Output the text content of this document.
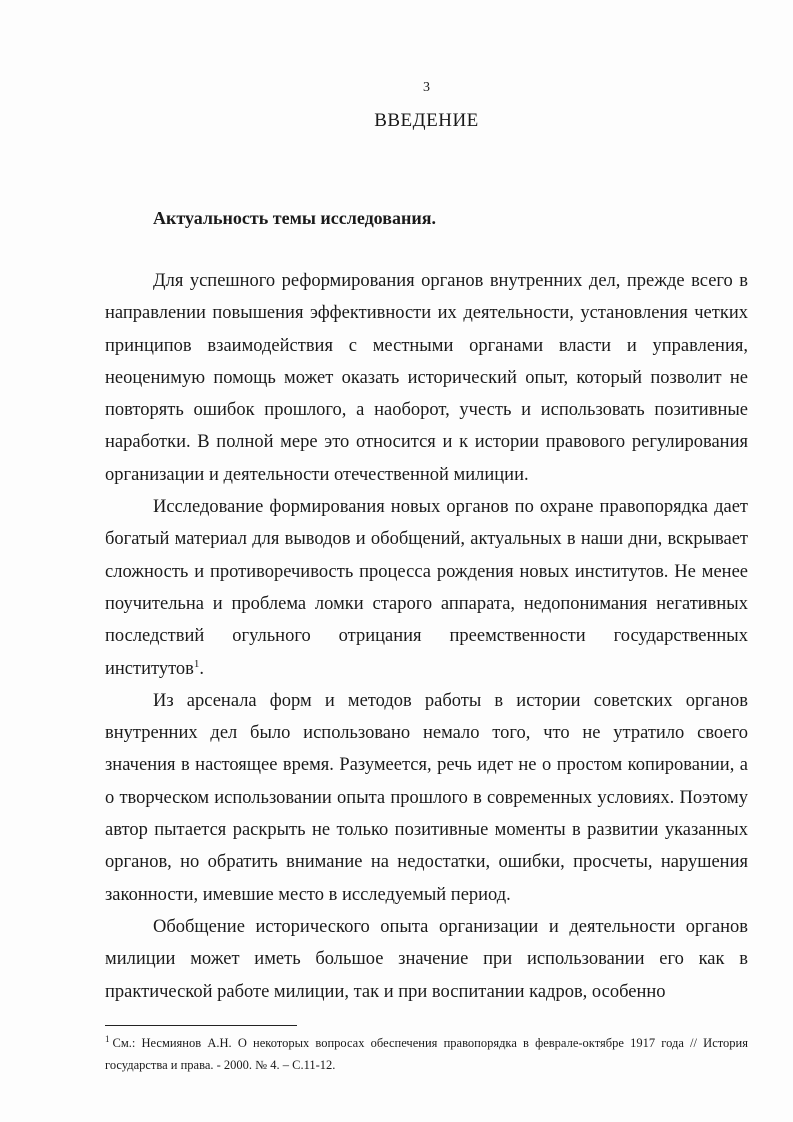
3
ВВЕДЕНИЕ
Актуальность темы исследования.

Для успешного реформирования органов внутренних дел, прежде всего в направлении повышения эффективности их деятельности, установления четких принципов взаимодействия с местными органами власти и управления, неоценимую помощь может оказать исторический опыт, который позволит не повторять ошибок прошлого, а наоборот, учесть и использовать позитивные наработки. В полной мере это относится и к истории правового регулирования организации и деятельности отечественной милиции.

Исследование формирования новых органов по охране правопорядка дает богатый материал для выводов и обобщений, актуальных в наши дни, вскрывает сложность и противоречивость процесса рождения новых институтов. Не менее поучительна и проблема ломки старого аппарата, недопонимания негативных последствий огульного отрицания преемственности государственных институтов$^1$.

Из арсенала форм и методов работы в истории советских органов внутренних дел было использовано немало того, что не утратило своего значения в настоящее время. Разумеется, речь идет не о простом копировании, а о творческом использовании опыта прошлого в современных условиях. Поэтому автор пытается раскрыть не только позитивные моменты в развитии указанных органов, но обратить внимание на недостатки, ошибки, просчеты, нарушения законности, имевшие место в исследуемый период.

Обобщение исторического опыта организации и деятельности органов милиции может иметь большое значение при использовании его как в практической работе милиции, так и при воспитании кадров, особенно

$^1$ См.: Несмиянов А.Н. О некоторых вопросах обеспечения правопорядка в феврале-октябре 1917 года // История государства и права. - 2000. № 4. – С.11-12.
